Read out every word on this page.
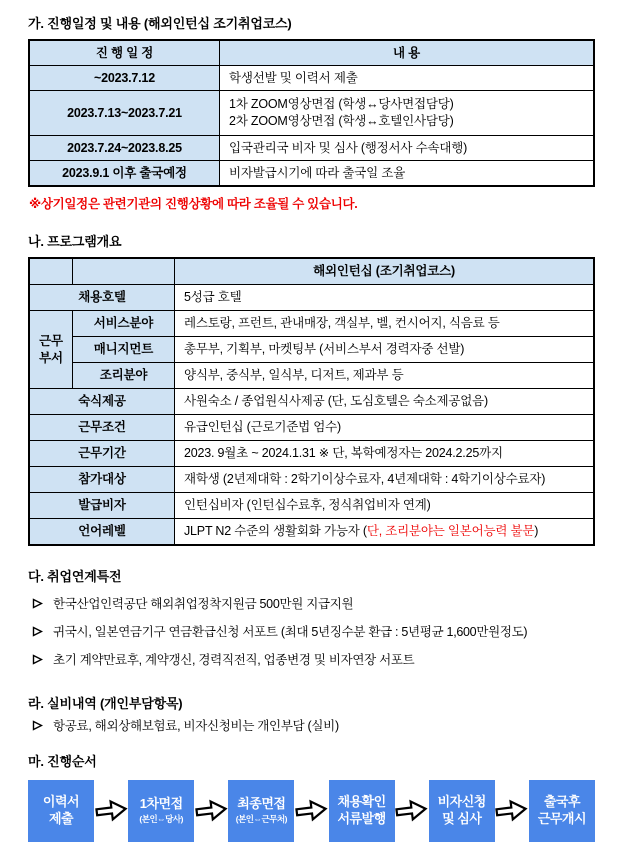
가. 진행일정 및 내용 (해외인턴십 조기취업코스)
진 행 일 정	내 용
~2023.7.12	학생선발 및 이력서 제출
2023.7.13~2023.7.21	1차 ZOOM영상면접 (학생↔당사면접담당)
2차 ZOOM영상면접 (학생↔호텔인사담당)

2023.7.24~2023.8.25	입국관리국 비자 및 심사 (행정서사 수속대행)
2023.9.1 이후 출국예정	비자발급시기에 따라 출국일 조율
※상기일정은 관련기관의 진행상황에 따라 조율될 수 있습니다.
나. 프로그램개요
		해외인턴십 (조기취업코스)
채용호텔		5성급 호텔

근무
부서	서비스분야	레스토랑, 프런트, 관내매장, 객실부, 벨, 컨시어지, 식음료 등
	매니지먼트	총무부, 기획부, 마켓팅부 (서비스부서 경력자중 선발)
	조리분야	양식부, 중식부, 일식부, 디저트, 제과부 등
숙식제공		사원숙소 / 종업원식사제공 (단, 도심호텔은 숙소제공없음)
근무조건		유급인턴십 (근로기준법 엄수)
근무기간		2023. 9월초 ~ 2024.1.31 ※ 단, 복학예정자는 2024.2.25까지
참가대상		재학생 (2년제대학 : 2학기이상수료자, 4년제대학 : 4학기이상수료자)
발급비자		인턴십비자 (인턴십수료후, 정식취업비자 연계)
언어레벨		JLPT N2 수준의 생활회화 가능자 (단, 조리분야는 일본어능력 불문)
다. 취업연계특전
한국산업인력공단 해외취업정착지원금 500만원 지급지원
귀국시, 일본연금기구 연금환급신청 서포트 (최대 5년징수분 환급 : 5년평균 1,600만원정도)
초기 계약만료후, 계약갱신, 경력직전직, 업종변경 및 비자연장 서포트
라. 실비내역 (개인부담항목)
항공료, 해외상해보험료, 비자신청비는 개인부담 (실비)
마. 진행순서
이력서
제출
1차면접
(본인⇔당사)
최종면접
(본인⇔근무처)
채용확인
서류발행
비자신청
및 심사
출국후
근무개시
